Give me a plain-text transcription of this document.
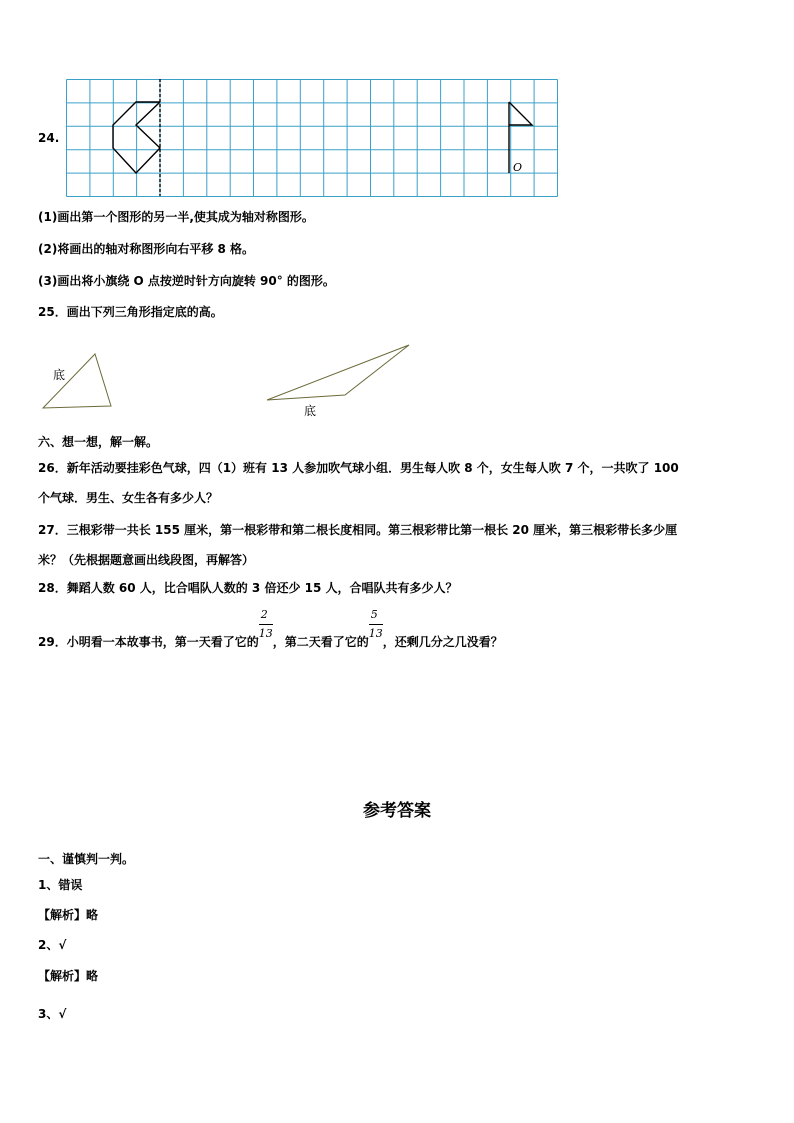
24.
O
(1)画出第一个图形的另一半,使其成为轴对称图形。
(2)将画出的轴对称图形向右平移 8 格。
(3)画出将小旗绕 O 点按逆时针方向旋转 90° 的图形。
25．画出下列三角形指定底的高。
底
底
六、想一想，解一解。
26．新年活动要挂彩色气球，四（1）班有 13 人参加吹气球小组．男生每人吹 8 个，女生每人吹 7 个，一共吹了 100
个气球．男生、女生各有多少人？
27．三根彩带一共长 155 厘米，第一根彩带和第二根长度相同。第三根彩带比第一根长 20 厘米，第三根彩带长多少厘
米？（先根据题意画出线段图，再解答）
28．舞蹈人数 60 人，比合唱队人数的 3 倍还少 15 人，合唱队共有多少人？
29．小明看一本故事书，第一天看了它的 $\frac{2}{13}$ ，第二天看了它的 $\frac{5}{13}$ ，还剩几分之几没看？
参考答案
一、谨慎判一判。
1、错误
【解析】略
2、√
【解析】略
3、√
